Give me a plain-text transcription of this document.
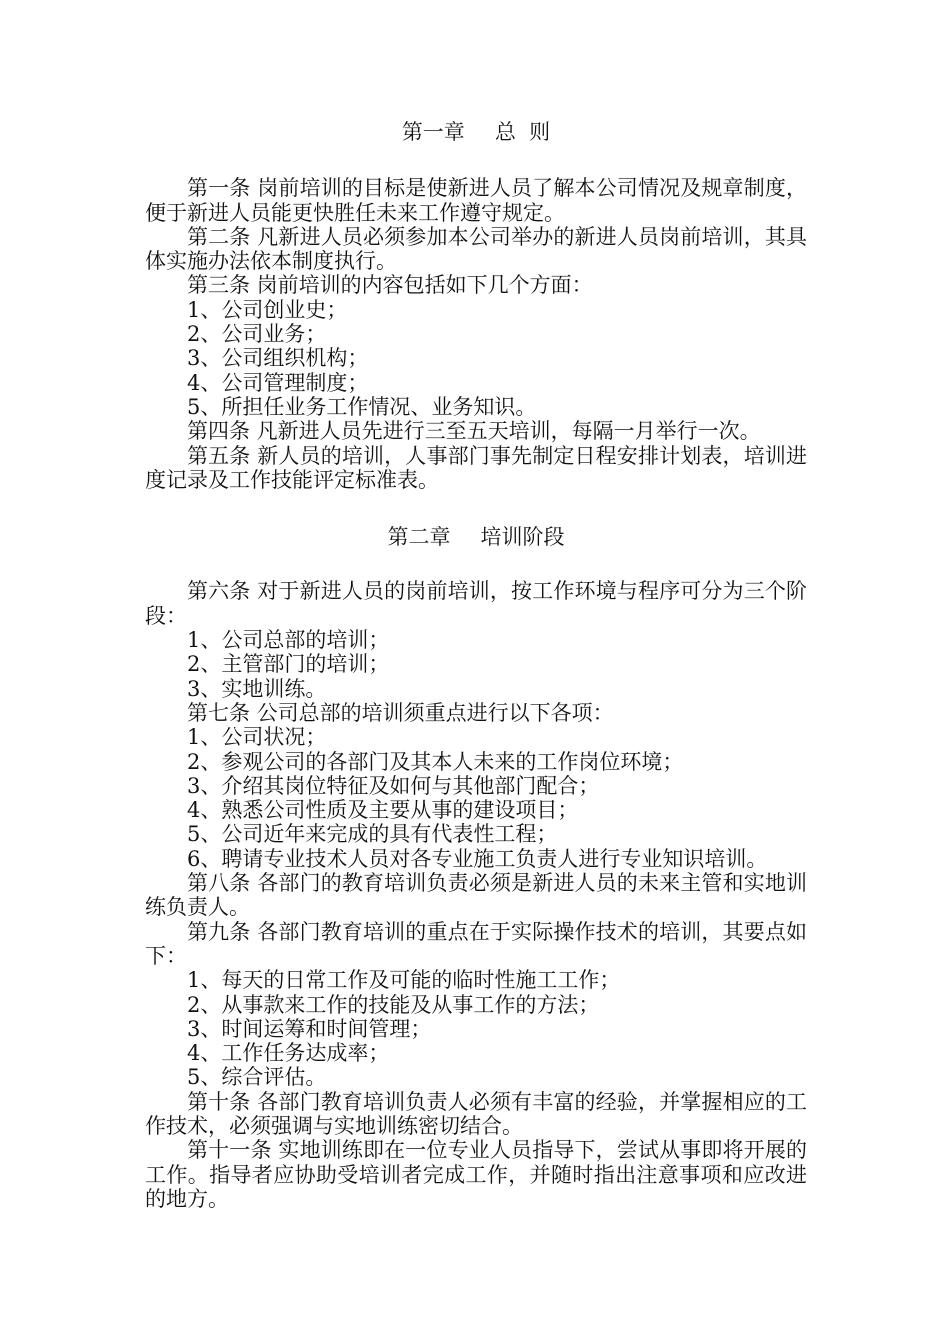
第一章 总  则

第一条 岗前培训的目标是使新进人员了解本公司情况及规章制度，便于新进人员能更快胜任未来工作遵守规定。

第二条 凡新进人员必须参加本公司举办的新进人员岗前培训，其具体实施办法依本制度执行。

第三条 岗前培训的内容包括如下几个方面：

1、公司创业史；

2、公司业务；

3、公司组织机构；

4、公司管理制度；

5、所担任业务工作情况、业务知识。

第四条 凡新进人员先进行三至五天培训，每隔一月举行一次。

第五条 新人员的培训，人事部门事先制定日程安排计划表，培训进度记录及工作技能评定标准表。

第二章 培训阶段

第六条 对于新进人员的岗前培训，按工作环境与程序可分为三个阶段：

1、公司总部的培训；

2、主管部门的培训；

3、实地训练。

第七条 公司总部的培训须重点进行以下各项：

1、公司状况；

2、参观公司的各部门及其本人未来的工作岗位环境；

3、介绍其岗位特征及如何与其他部门配合；

4、熟悉公司性质及主要从事的建设项目；

5、公司近年来完成的具有代表性工程；

6、聘请专业技术人员对各专业施工负责人进行专业知识培训。

第八条 各部门的教育培训负责必须是新进人员的未来主管和实地训练负责人。

第九条 各部门教育培训的重点在于实际操作技术的培训，其要点如下：

1、每天的日常工作及可能的临时性施工工作；

2、从事款来工作的技能及从事工作的方法；

3、时间运筹和时间管理；

4、工作任务达成率；

5、综合评估。

第十条 各部门教育培训负责人必须有丰富的经验，并掌握相应的工作技术，必须强调与实地训练密切结合。

第十一条 实地训练即在一位专业人员指导下，尝试从事即将开展的工作。指导者应协助受培训者完成工作，并随时指出注意事项和应改进的地方。
